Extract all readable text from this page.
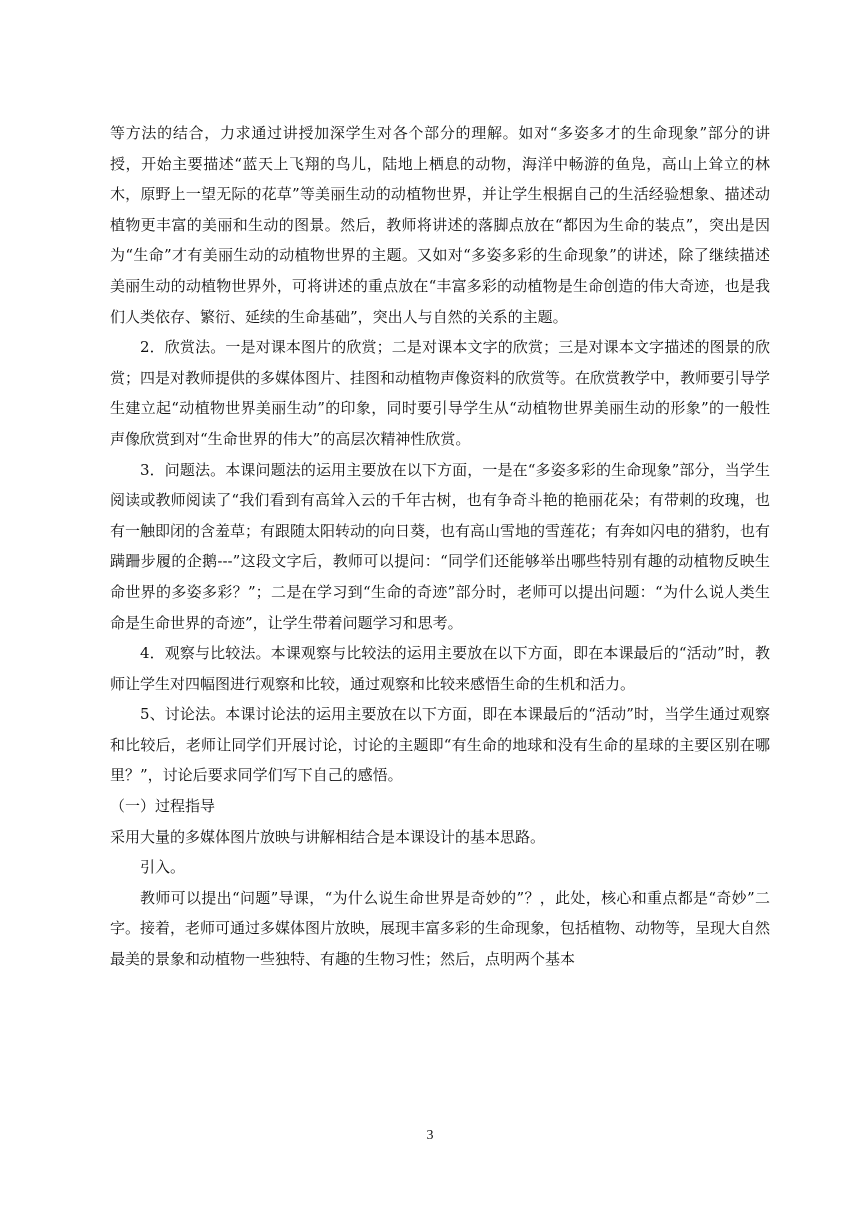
等方法的结合，力求通过讲授加深学生对各个部分的理解。如对“多姿多才的生命现象”部分的讲授，开始主要描述“蓝天上飞翔的鸟儿，陆地上栖息的动物，海洋中畅游的鱼凫，高山上耸立的林木，原野上一望无际的花草”等美丽生动的动植物世界，并让学生根据自己的生活经验想象、描述动植物更丰富的美丽和生动的图景。然后，教师将讲述的落脚点放在“都因为生命的装点”，突出是因为“生命”才有美丽生动的动植物世界的主题。又如对“多姿多彩的生命现象”的讲述，除了继续描述美丽生动的动植物世界外，可将讲述的重点放在“丰富多彩的动植物是生命创造的伟大奇迹，也是我们人类依存、繁衍、延续的生命基础”，突出人与自然的关系的主题。

2．欣赏法。一是对课本图片的欣赏；二是对课本文字的欣赏；三是对课本文字描述的图景的欣赏；四是对教师提供的多媒体图片、挂图和动植物声像资料的欣赏等。在欣赏教学中，教师要引导学生建立起“动植物世界美丽生动”的印象，同时要引导学生从“动植物世界美丽生动的形象”的一般性声像欣赏到对“生命世界的伟大”的高层次精神性欣赏。

3．问题法。本课问题法的运用主要放在以下方面，一是在“多姿多彩的生命现象”部分，当学生阅读或教师阅读了“我们看到有高耸入云的千年古树，也有争奇斗艳的艳丽花朵；有带刺的玫瑰，也有一触即闭的含羞草；有跟随太阳转动的向日葵，也有高山雪地的雪莲花；有奔如闪电的猎豹，也有蹒跚步履的企鹅---”这段文字后，教师可以提问：“同学们还能够举出哪些特别有趣的动植物反映生命世界的多姿多彩？”；二是在学习到“生命的奇迹”部分时，老师可以提出问题：“为什么说人类生命是生命世界的奇迹”，让学生带着问题学习和思考。

4．观察与比较法。本课观察与比较法的运用主要放在以下方面，即在本课最后的“活动”时，教师让学生对四幅图进行观察和比较，通过观察和比较来感悟生命的生机和活力。

5、讨论法。本课讨论法的运用主要放在以下方面，即在本课最后的“活动”时，当学生通过观察和比较后，老师让同学们开展讨论，讨论的主题即“有生命的地球和没有生命的星球的主要区别在哪里？”，讨论后要求同学们写下自己的感悟。

（一）过程指导

采用大量的多媒体图片放映与讲解相结合是本课设计的基本思路。

引入。

教师可以提出“问题”导课，“为什么说生命世界是奇妙的”？，此处，核心和重点都是“奇妙”二字。接着，老师可通过多媒体图片放映，展现丰富多彩的生命现象，包括植物、动物等，呈现大自然最美的景象和动植物一些独特、有趣的生物习性；然后，点明两个基本

3
